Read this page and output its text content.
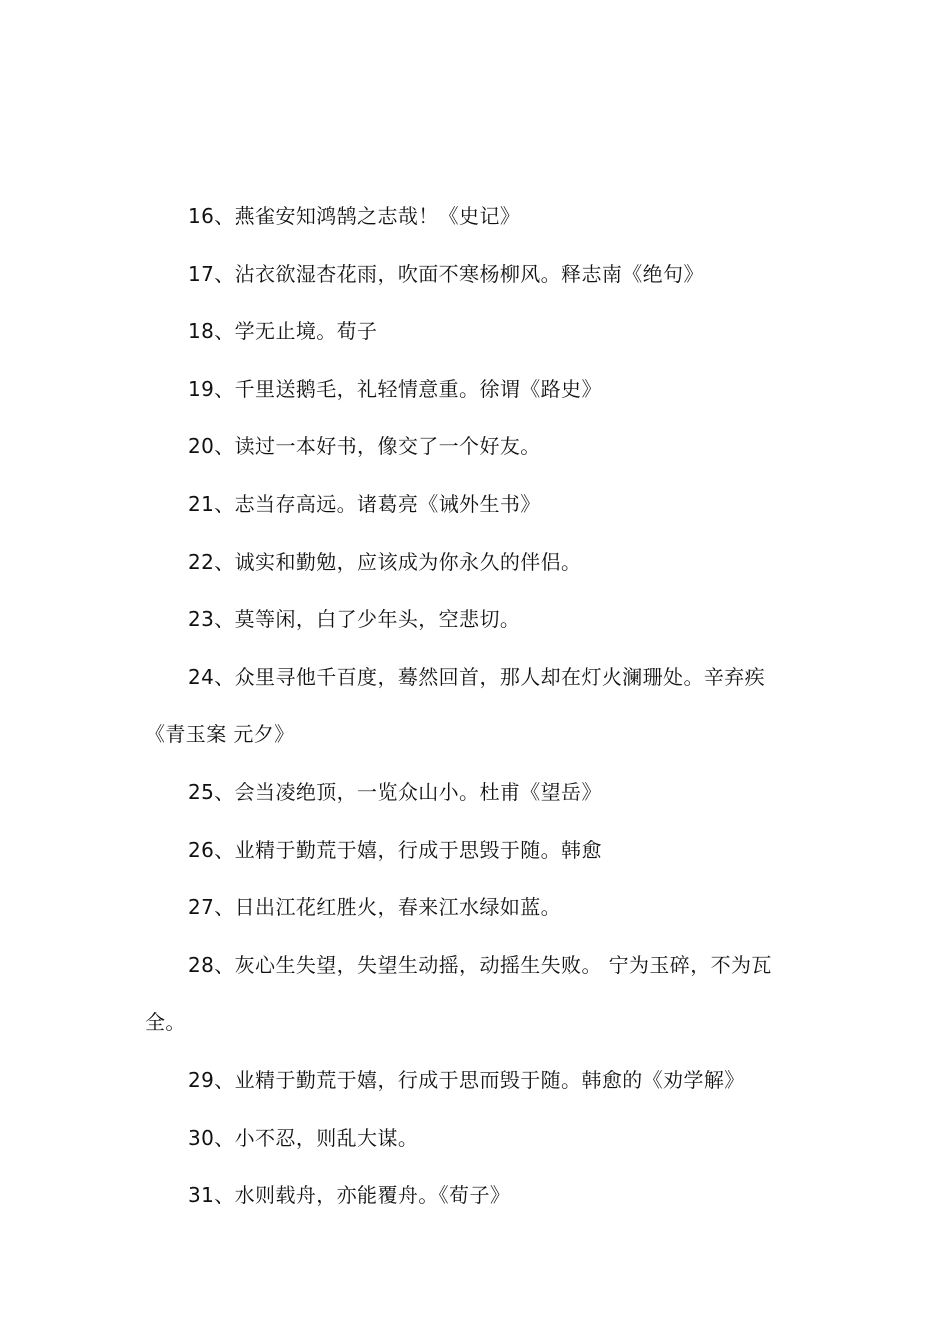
16、燕雀安知鸿鹄之志哉！《史记》

17、沾衣欲湿杏花雨，吹面不寒杨柳风。释志南《绝句》

18、学无止境。荀子

19、千里送鹅毛，礼轻情意重。徐谓《路史》

20、读过一本好书，像交了一个好友。

21、志当存高远。诸葛亮《诫外生书》

22、诚实和勤勉，应该成为你永久的伴侣。

23、莫等闲，白了少年头，空悲切。

24、众里寻他千百度，蓦然回首，那人却在灯火澜珊处。辛弃疾 《青玉案 元夕》

25、会当凌绝顶，一览众山小。杜甫《望岳》

26、业精于勤荒于嬉，行成于思毁于随。韩愈

27、日出江花红胜火，春来江水绿如蓝。

28、灰心生失望，失望生动摇，动摇生失败。 宁为玉碎，不为瓦全。

29、业精于勤荒于嬉，行成于思而毁于随。韩愈的《劝学解》

30、小不忍，则乱大谋。

31、水则载舟，亦能覆舟。《荀子》
